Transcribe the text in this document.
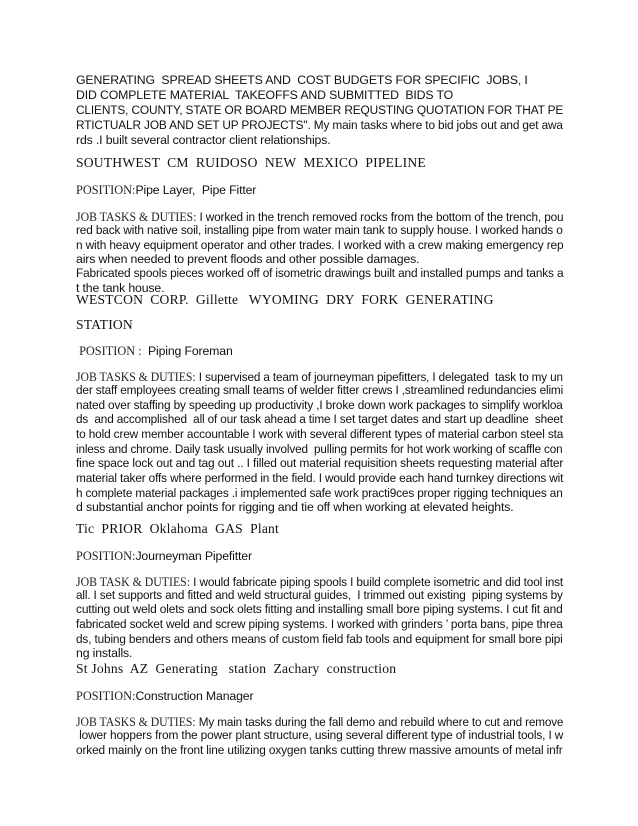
GENERATING  SPREAD SHEETS AND  COST BUDGETS FOR SPECIFIC  JOBS, I
DID COMPLETE MATERIAL  TAKEOFFS AND SUBMITTED  BIDS TO
CLIENTS, COUNTY, STATE OR BOARD MEMBER REQUSTING QUOTATION FOR THAT PE
RTICTUALR JOB AND SET UP PROJECTS". My main tasks where to bid jobs out and get awa
rds .I built several contractor client relationships.
SOUTHWEST  CM  RUIDOSO  NEW  MEXICO  PIPELINE
POSITION:Pipe Layer,  Pipe Fitter
JOB TASKS & DUTIES: I worked in the trench removed rocks from the bottom of the trench, pou
red back with native soil, installing pipe from water main tank to supply house. I worked hands o
n with heavy equipment operator and other trades. I worked with a crew making emergency rep
airs when needed to prevent floods and other possible damages.
Fabricated spools pieces worked off of isometric drawings built and installed pumps and tanks a
t the tank house.
WESTCON  CORP.  Gillette   WYOMING  DRY  FORK  GENERATING
STATION
POSITION :  Piping Foreman
JOB TASKS & DUTIES: I supervised a team of journeyman pipefitters, I delegated  task to my un
der staff employees creating small teams of welder fitter crews I ,streamlined redundancies elimi
nated over staffing by speeding up productivity ,I broke down work packages to simplify workloa
ds  and accomplished  all of our task ahead a time I set target dates and start up deadline  sheet
to hold crew member accountable I work with several different types of material carbon steel sta
inless and chrome. Daily task usually involved  pulling permits for hot work working of scaffle con
fine space lock out and tag out .. I filled out material requisition sheets requesting material after
material taker offs where performed in the field. I would provide each hand turnkey directions wit
h complete material packages .i implemented safe work practi9ces proper rigging techniques an
d substantial anchor points for rigging and tie off when working at elevated heights.
Tic  PRIOR  Oklahoma  GAS  Plant
POSITION:Journeyman Pipefitter
JOB TASK & DUTIES: I would fabricate piping spools I build complete isometric and did tool inst
all. I set supports and fitted and weld structural guides,  I trimmed out existing  piping systems by
cutting out weld olets and sock olets fitting and installing small bore piping systems. I cut fit and
fabricated socket weld and screw piping systems. I worked with grinders ’ porta bans, pipe threa
ds, tubing benders and others means of custom field fab tools and equipment for small bore pipi
ng installs.
St Johns  AZ  Generating   station  Zachary  construction
POSITION:Construction Manager
JOB TASKS & DUTIES: My main tasks during the fall demo and rebuild where to cut and remove
lower hoppers from the power plant structure, using several different type of industrial tools, I w
orked mainly on the front line utilizing oxygen tanks cutting threw massive amounts of metal infr
